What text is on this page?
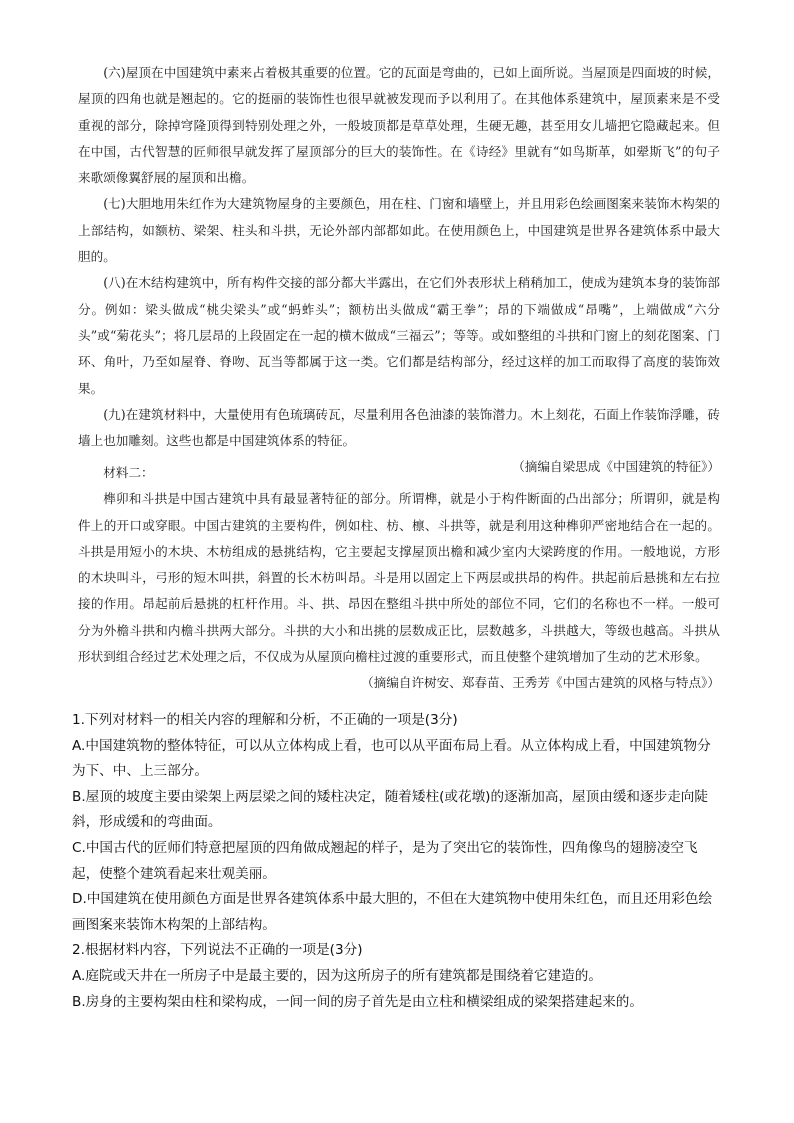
(六)屋顶在中国建筑中素来占着极其重要的位置。它的瓦面是弯曲的，已如上面所说。当屋顶是四面坡的时候，屋顶的四角也就是翘起的。它的挺丽的装饰性也很早就被发现而予以利用了。在其他体系建筑中，屋顶素来是不受重视的部分，除掉穹隆顶得到特别处理之外，一般坡顶都是草草处理，生硬无趣，甚至用女儿墙把它隐藏起来。但在中国，古代智慧的匠师很早就发挥了屋顶部分的巨大的装饰性。在《诗经》里就有“如鸟斯革，如翚斯飞”的句子来歌颂像翼舒展的屋顶和出檐。

(七)大胆地用朱红作为大建筑物屋身的主要颜色，用在柱、门窗和墙壁上，并且用彩色绘画图案来装饰木构架的上部结构，如额枋、梁架、柱头和斗拱，无论外部内部都如此。在使用颜色上，中国建筑是世界各建筑体系中最大胆的。

(八)在木结构建筑中，所有构件交接的部分都大半露出，在它们外表形状上稍稍加工，使成为建筑本身的装饰部分。例如：梁头做成“桃尖梁头”或“蚂蚱头”；额枋出头做成“霸王拳”；昂的下端做成“昂嘴”，上端做成“六分头”或“菊花头”；将几层昂的上段固定在一起的横木做成“三福云”；等等。或如整组的斗拱和门窗上的刻花图案、门环、角叶，乃至如屋脊、脊吻、瓦当等都属于这一类。它们都是结构部分，经过这样的加工而取得了高度的装饰效果。

(九)在建筑材料中，大量使用有色琉璃砖瓦，尽量利用各色油漆的装饰潜力。木上刻花，石面上作装饰浮雕，砖墙上也加雕刻。这些也都是中国建筑体系的特征。

（摘编自梁思成《中国建筑的特征》）

材料二：

榫卯和斗拱是中国古建筑中具有最显著特征的部分。所谓榫，就是小于构件断面的凸出部分；所谓卯，就是构件上的开口或穿眼。中国古建筑的主要构件，例如柱、枋、檩、斗拱等，就是利用这种榫卯严密地结合在一起的。斗拱是用短小的木块、木枋组成的悬挑结构，它主要起支撑屋顶出檐和减少室内大梁跨度的作用。一般地说，方形的木块叫斗，弓形的短木叫拱，斜置的长木枋叫昂。斗是用以固定上下两层或拱昂的构件。拱起前后悬挑和左右拉接的作用。昂起前后悬挑的杠杆作用。斗、拱、昂因在整组斗拱中所处的部位不同，它们的名称也不一样。一般可分为外檐斗拱和内檐斗拱两大部分。斗拱的大小和出挑的层数成正比，层数越多，斗拱越大，等级也越高。斗拱从形状到组合经过艺术处理之后，不仅成为从屋顶向檐柱过渡的重要形式，而且使整个建筑增加了生动的艺术形象。

（摘编自许树安、郑春苗、王秀芳《中国古建筑的风格与特点》）

1.下列对材料一的相关内容的理解和分析，不正确的一项是(3分)

A.中国建筑物的整体特征，可以从立体构成上看，也可以从平面布局上看。从立体构成上看，中国建筑物分为下、中、上三部分。

B.屋顶的坡度主要由梁架上两层梁之间的矮柱决定，随着矮柱(或花墩)的逐渐加高，屋顶由缓和逐步走向陡斜，形成缓和的弯曲面。

C.中国古代的匠师们特意把屋顶的四角做成翘起的样子，是为了突出它的装饰性，四角像鸟的翅膀凌空飞起，使整个建筑看起来壮观美丽。

D.中国建筑在使用颜色方面是世界各建筑体系中最大胆的，不但在大建筑物中使用朱红色，而且还用彩色绘画图案来装饰木构架的上部结构。

2.根据材料内容，下列说法不正确的一项是(3分)

A.庭院或天井在一所房子中是最主要的，因为这所房子的所有建筑都是围绕着它建造的。

B.房身的主要构架由柱和梁构成，一间一间的房子首先是由立柱和横梁组成的梁架搭建起来的。
